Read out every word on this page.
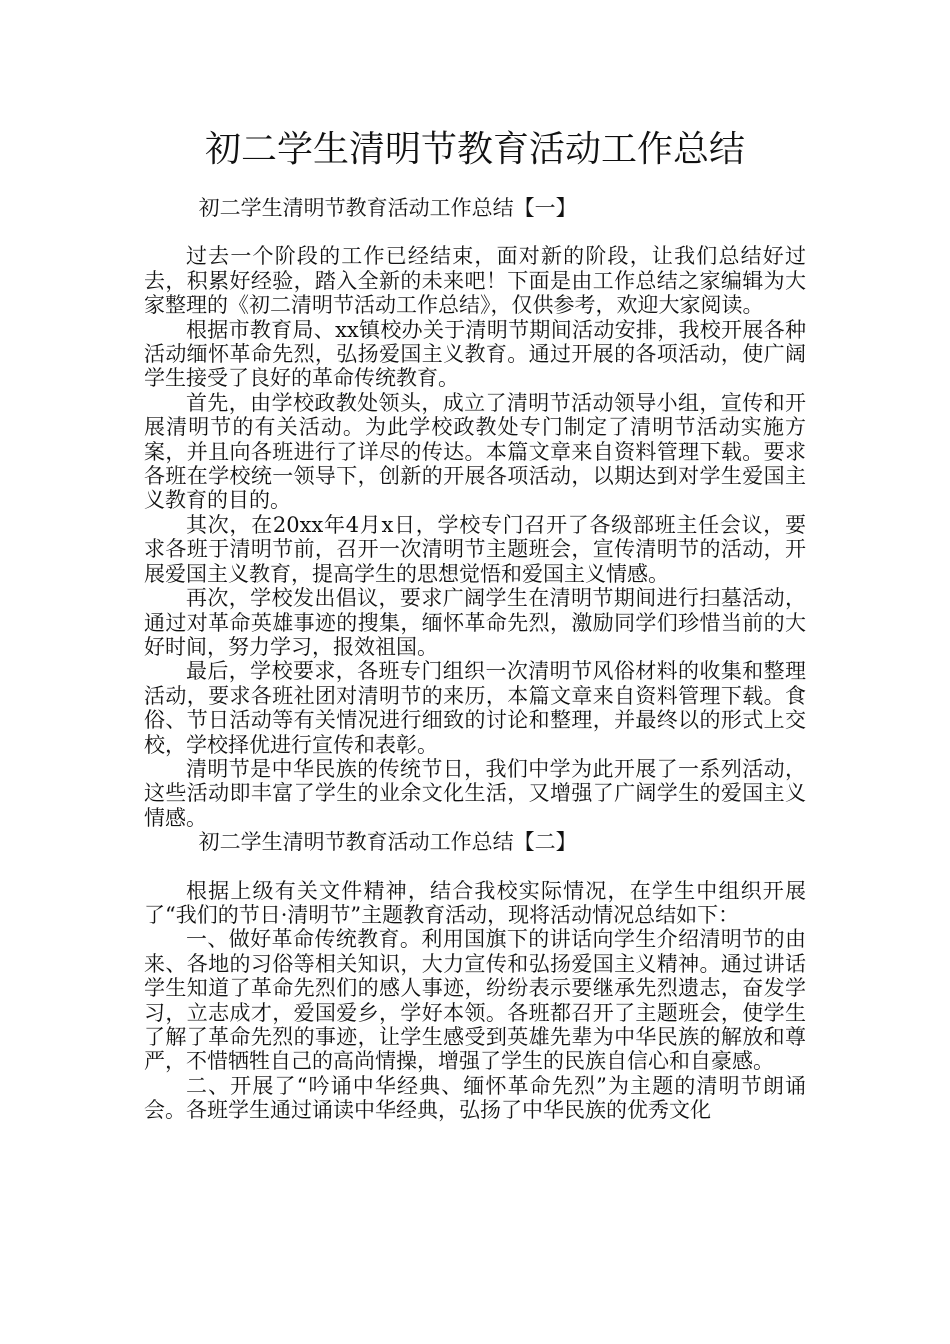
初二学生清明节教育活动工作总结

初二学生清明节教育活动工作总结【一】

过去一个阶段的工作已经结束，面对新的阶段，让我们总结好过去，积累好经验，踏入全新的未来吧！下面是由工作总结之家编辑为大家整理的《初二清明节活动工作总结》，仅供参考，欢迎大家阅读。

根据市教育局、xx镇校办关于清明节期间活动安排，我校开展各种活动缅怀革命先烈，弘扬爱国主义教育。通过开展的各项活动，使广阔学生接受了良好的革命传统教育。

首先，由学校政教处领头，成立了清明节活动领导小组，宣传和开展清明节的有关活动。为此学校政教处专门制定了清明节活动实施方案，并且向各班进行了详尽的传达。本篇文章来自资料管理下载。要求各班在学校统一领导下，创新的开展各项活动，以期达到对学生爱国主义教育的目的。

其次，在20xx年4月x日，学校专门召开了各级部班主任会议，要求各班于清明节前，召开一次清明节主题班会，宣传清明节的活动，开展爱国主义教育，提高学生的思想觉悟和爱国主义情感。

再次，学校发出倡议，要求广阔学生在清明节期间进行扫墓活动，通过对革命英雄事迹的搜集，缅怀革命先烈，激励同学们珍惜当前的大好时间，努力学习，报效祖国。

最后，学校要求，各班专门组织一次清明节风俗材料的收集和整理活动，要求各班社团对清明节的来历，本篇文章来自资料管理下载。食俗、节日活动等有关情况进行细致的讨论和整理，并最终以的形式上交校，学校择优进行宣传和表彰。

清明节是中华民族的传统节日，我们中学为此开展了一系列活动，这些活动即丰富了学生的业余文化生活，又增强了广阔学生的爱国主义情感。

初二学生清明节教育活动工作总结【二】

根据上级有关文件精神，结合我校实际情况，在学生中组织开展了“我们的节日·清明节”主题教育活动，现将活动情况总结如下：

一、做好革命传统教育。利用国旗下的讲话向学生介绍清明节的由来、各地的习俗等相关知识，大力宣传和弘扬爱国主义精神。通过讲话学生知道了革命先烈们的感人事迹，纷纷表示要继承先烈遗志，奋发学习，立志成才，爱国爱乡，学好本领。各班都召开了主题班会，使学生了解了革命先烈的事迹，让学生感受到英雄先辈为中华民族的解放和尊严，不惜牺牲自己的高尚情操，增强了学生的民族自信心和自豪感。

二、开展了“吟诵中华经典、缅怀革命先烈”为主题的清明节朗诵会。各班学生通过诵读中华经典，弘扬了中华民族的优秀文化
